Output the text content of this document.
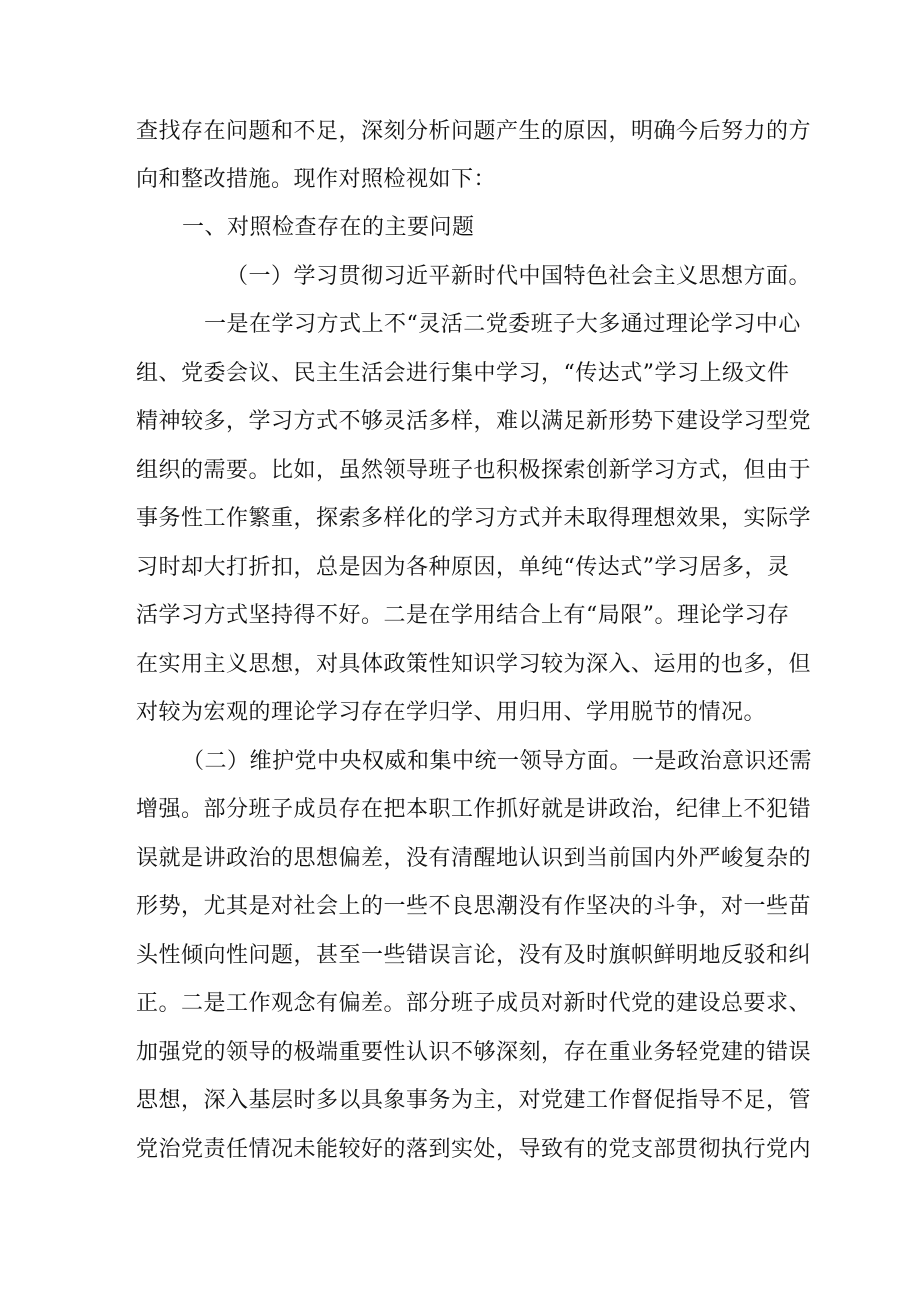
查找存在问题和不足，深刻分析问题产生的原因，明确今后努力的方
向和整改措施。现作对照检视如下：
一、对照检查存在的主要问题
（一）学习贯彻习近平新时代中国特色社会主义思想方面。
一是在学习方式上不“灵活二党委班子大多通过理论学习中心
组、党委会议、民主生活会进行集中学习，“传达式”学习上级文件
精神较多，学习方式不够灵活多样，难以满足新形势下建设学习型党
组织的需要。比如，虽然领导班子也积极探索创新学习方式，但由于
事务性工作繁重，探索多样化的学习方式并未取得理想效果，实际学
习时却大打折扣，总是因为各种原因，单纯“传达式”学习居多，灵
活学习方式坚持得不好。二是在学用结合上有“局限”。理论学习存
在实用主义思想，对具体政策性知识学习较为深入、运用的也多，但
对较为宏观的理论学习存在学归学、用归用、学用脱节的情况。
（二）维护党中央权威和集中统一领导方面。一是政治意识还需
增强。部分班子成员存在把本职工作抓好就是讲政治，纪律上不犯错
误就是讲政治的思想偏差，没有清醒地认识到当前国内外严峻复杂的
形势，尤其是对社会上的一些不良思潮没有作坚决的斗争，对一些苗
头性倾向性问题，甚至一些错误言论，没有及时旗帜鲜明地反驳和纠
正。二是工作观念有偏差。部分班子成员对新时代党的建设总要求、
加强党的领导的极端重要性认识不够深刻，存在重业务轻党建的错误
思想，深入基层时多以具象事务为主，对党建工作督促指导不足，管
党治党责任情况未能较好的落到实处，导致有的党支部贯彻执行党内
